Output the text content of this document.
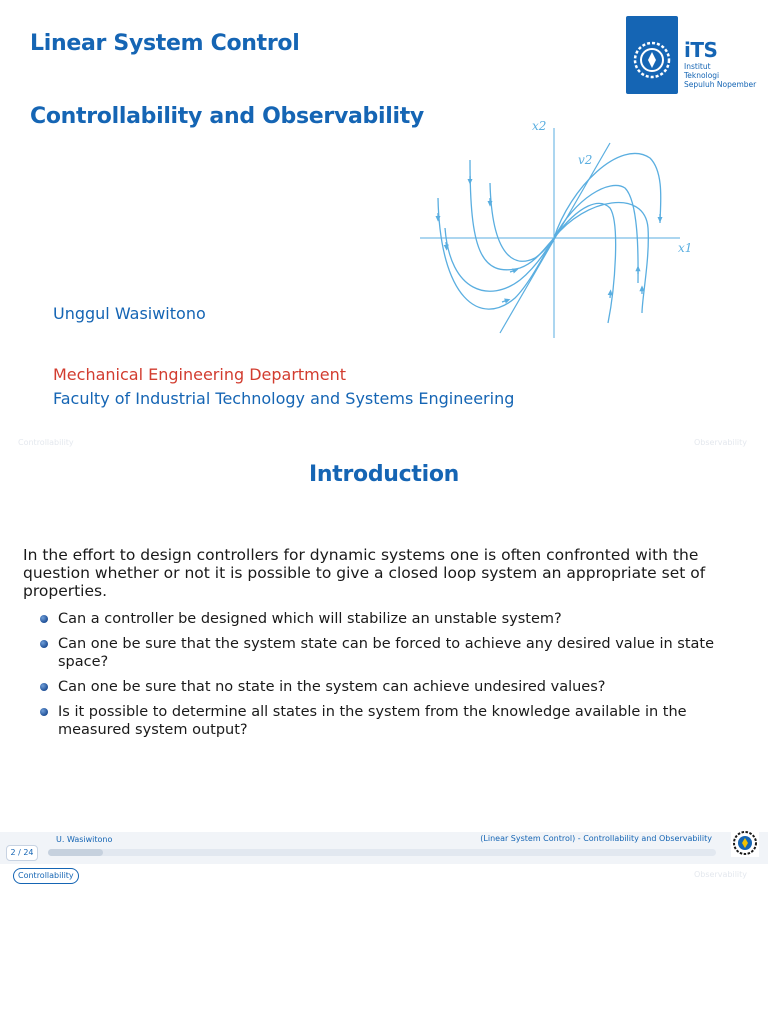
Linear System Control
Controllability and Observability
iTS
Institut
Teknologi
Sepuluh Nopember
x2
x1
v2
Unggul Wasiwitono
Mechanical Engineering Department
Faculty of Industrial Technology and Systems Engineering
Controllability	Observability
Introduction
In the effort to design controllers for dynamic systems one is often confronted with the question whether or not it is possible to give a closed loop system an appropriate set of properties.
Can a controller be designed which will stabilize an unstable system?
Can one be sure that the system state can be forced to achieve any desired value in state space?
Can one be sure that no state in the system can achieve undesired values?
Is it possible to determine all states in the system from the knowledge available in the measured system output?
U. Wasiwitono	(Linear System Control) - Controllability and Observability
2 / 24
Controllability	Observability
